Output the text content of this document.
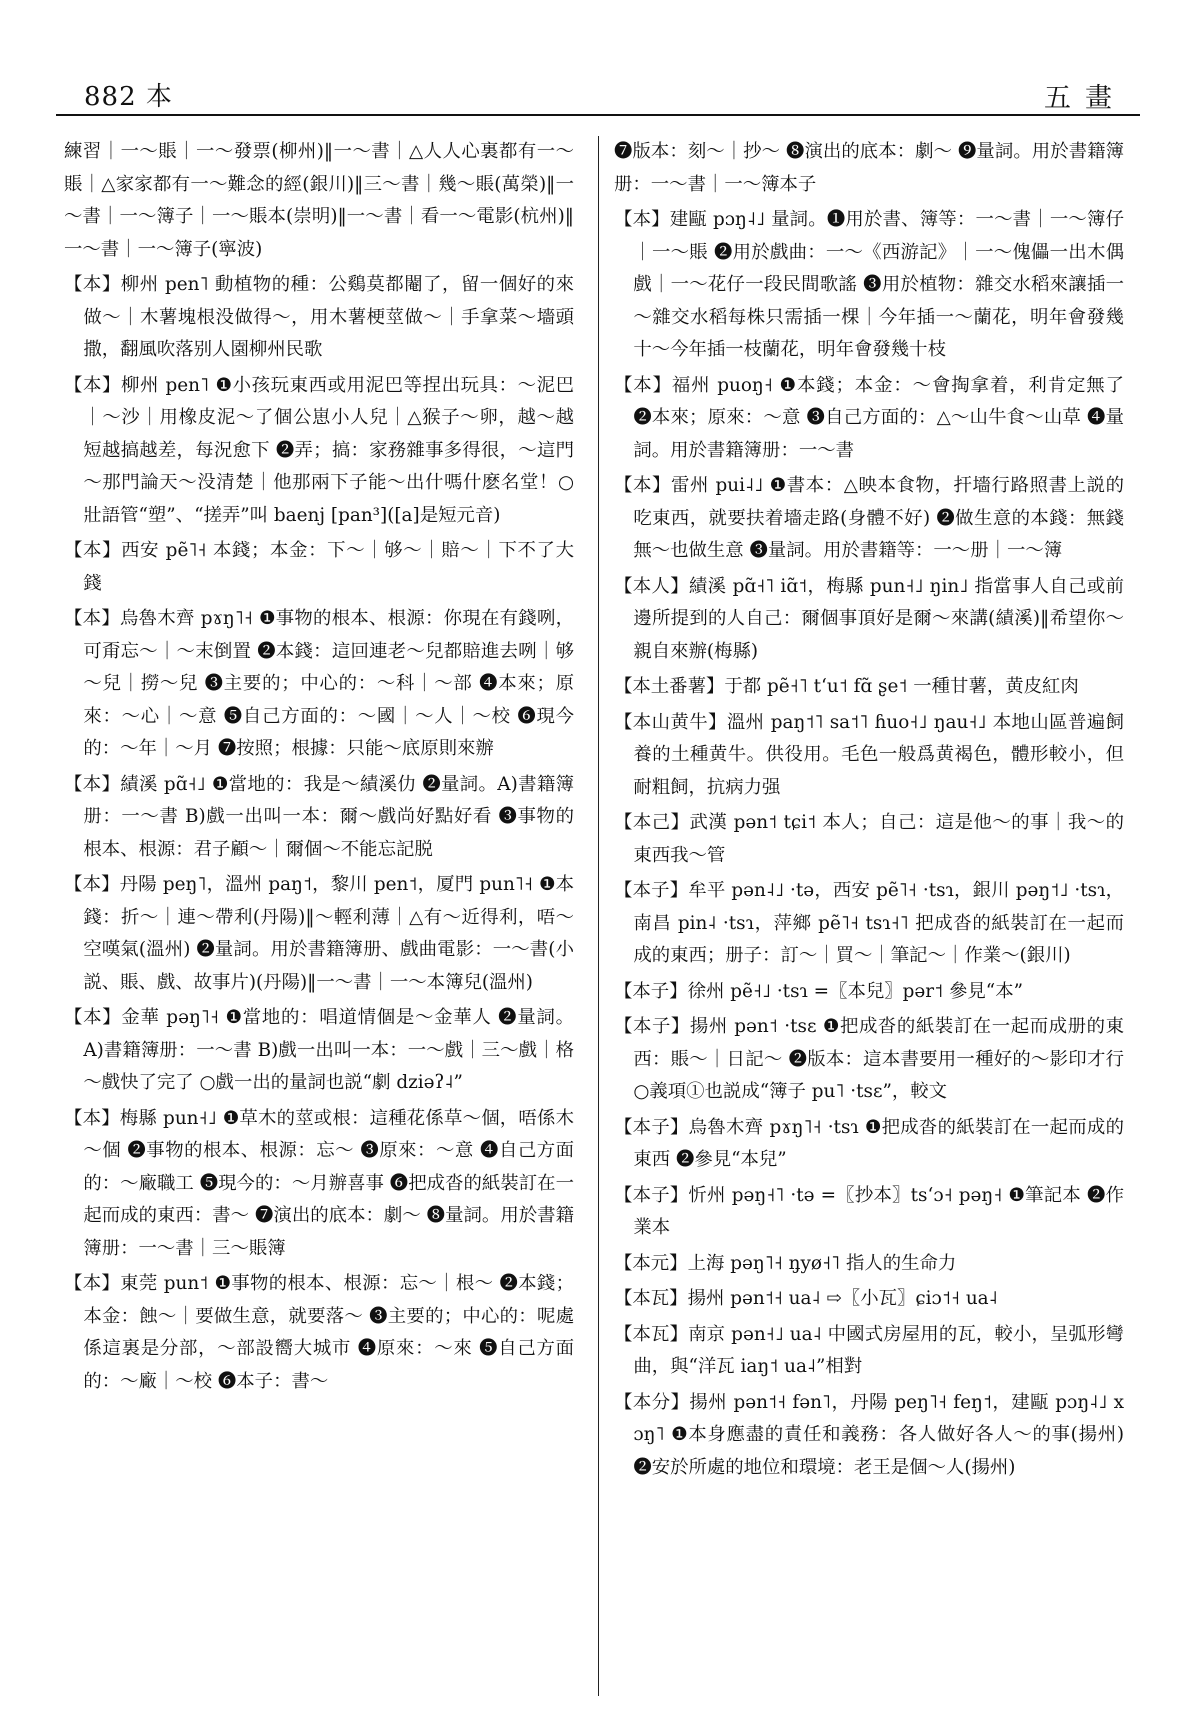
882 本	五畫

練習｜一～賬｜一～發票(柳州)‖一～書｜△人人心裏都有一～賬｜△家家都有一～難念的經(銀川)‖三～書｜幾～賬(萬榮)‖一～書｜一～簿子｜一～賬本(崇明)‖一～書｜看一～電影(杭州)‖一～書｜一～簿子(寧波)

【本】柳州 pen˥ 動植物的種：公鷄莫都閹了，留一個好的來做～｜木薯塊根没做得～，用木薯梗莖做～｜手拿菜～墻頭撒，翻風吹落别人園柳州民歌

【本】柳州 pen˥ ❶小孩玩東西或用泥巴等捏出玩具：～泥巴｜～沙｜用橡皮泥～了個公崽小人兒｜△猴子～卵，越～越短越搞越差，每況愈下 ❷弄；搞：家務雜事多得很，～這門～那門論天～没清楚｜他那兩下子能～出什嗎什麽名堂！○壯語管“塑”、“搓弄”叫 baenj [pan³]([a]是短元音)

【本】西安 pẽ˥˧ 本錢；本金：下～｜够～｜賠～｜下不了大錢

【本】烏魯木齊 pɤŋ˥˧ ❶事物的根本、根源：你現在有錢咧，可甭忘～｜～末倒置 ❷本錢：這回連老～兒都賠進去咧｜够～兒｜撈～兒 ❸主要的；中心的：～科｜～部 ❹本來；原來：～心｜～意 ❺自己方面的：～國｜～人｜～校 ❻現今的：～年｜～月 ❼按照；根據：只能～底原則來辦

【本】績溪 pɑ̃˧˩ ❶當地的：我是～績溪仂 ❷量詞。A)書籍簿册：一～書 B)戲一出叫一本：爾～戲尚好點好看 ❸事物的根本、根源：君子顧～｜爾個～不能忘記脱

【本】丹陽 peŋ˥，溫州 paŋ˦，黎川 pen˦，厦門 pun˥˧ ❶本錢：折～｜連～帶利(丹陽)‖～輕利薄｜△有～近得利，唔～空嘆氣(溫州) ❷量詞。用於書籍簿册、戲曲電影：一～書(小説、賬、戲、故事片)(丹陽)‖一～書｜一～本簿兒(溫州)

【本】金華 pəŋ˥˧ ❶當地的：唱道情個是～金華人 ❷量詞。A)書籍簿册：一～書 B)戲一出叫一本：一～戲｜三～戲｜格～戲快了完了 ○戲一出的量詞也説“劇 dziəʔ˨”

【本】梅縣 pun˧˩ ❶草木的莖或根：這種花係草～個，唔係木～個 ❷事物的根本、根源：忘～ ❸原來：～意 ❹自己方面的：～廠職工 ❺現今的：～月辦喜事 ❻把成沓的紙裝訂在一起而成的東西：書～ ❼演出的底本：劇～ ❽量詞。用於書籍簿册：一～書｜三～賬簿

【本】東莞 pun˦ ❶事物的根本、根源：忘～｜根～ ❷本錢；本金：蝕～｜要做生意，就要落～ ❸主要的；中心的：呢處係這裏是分部，～部設嚮大城市 ❹原來：～來 ❺自己方面的：～廠｜～校 ❻本子：書～

❼版本：刻～｜抄～ ❽演出的底本：劇～ ❾量詞。用於書籍簿册：一～書｜一～簿本子

【本】建甌 pɔŋ˨˩ 量詞。❶用於書、簿等：一～書｜一～簿仔｜一～賬 ❷用於戲曲：一～《西游記》｜一～傀儡一出木偶戲｜一～花仔一段民間歌謠 ❸用於植物：雜交水稻來讓插一～雜交水稻每株只需插一棵｜今年插一～蘭花，明年會發幾十～今年插一枝蘭花，明年會發幾十枝

【本】福州 puoŋ˧ ❶本錢；本金：～會掏拿着，利肯定無了 ❷本來；原來：～意 ❸自己方面的：△～山牛食～山草 ❹量詞。用於書籍簿册：一～書

【本】雷州 pui˨˩ ❶書本：△映本食物，扞墻行路照書上説的吃東西，就要扶着墻走路(身體不好) ❷做生意的本錢：無錢無～也做生意 ❸量詞。用於書籍等：一～册｜一～簿

【本人】績溪 pɑ̃˧˥ iɑ̃˦，梅縣 pun˧˩ ŋin˩ 指當事人自己或前邊所提到的人自己：爾個事頂好是爾～來講(績溪)‖希望你～親自來辦(梅縣)

【本土番薯】于都 pẽ˧˥ tʻu˦ fɑ̃ ʂe˦ 一種甘薯，黄皮紅肉

【本山黄牛】溫州 paŋ˦˥ sa˦˥ ɦuo˧˩ ŋau˧˩ 本地山區普遍飼養的土種黄牛。供役用。毛色一般爲黄褐色，體形較小，但耐粗飼，抗病力强

【本己】武漢 pən˦ tɕi˦ 本人；自己：這是他～的事｜我～的東西我～管

【本子】牟平 pən˨˩ ·tə，西安 pẽ˥˧ ·tsɿ，銀川 pəŋ˦˩ ·tsɿ，南昌 pin˨ ·tsɿ，萍鄉 pẽ˥˧ tsɿ˧˥ 把成沓的紙裝訂在一起而成的東西；册子：訂～｜買～｜筆記～｜作業～(銀川)

【本子】徐州 pẽ˧˩ ·tsɿ =〖本兒〗pər˦ 參見“本”

【本子】揚州 pən˦ ·tsɛ ❶把成沓的紙裝訂在一起而成册的東西：賬～｜日記～ ❷版本：這本書要用一種好的～影印才行 ○義項①也説成“簿子 pu˥ ·tsɛ”，較文

【本子】烏魯木齊 pɤŋ˥˧ ·tsɿ ❶把成沓的紙裝訂在一起而成的東西 ❷參見“本兒”

【本子】忻州 pəŋ˧˥ ·tə =〖抄本〗tsʻɔ˧ pəŋ˧ ❶筆記本 ❷作業本

【本元】上海 pəŋ˥˧ n̡yø˧˥ 指人的生命力

【本瓦】揚州 pən˦˧ ua˨ ⇨〖小瓦〗ɕiɔ˦˧ ua˨

【本瓦】南京 pən˧˩ ua˨ 中國式房屋用的瓦，較小，呈弧形彎曲，與“洋瓦 iaŋ˦ ua˨”相對

【本分】揚州 pən˦˧ fən˥，丹陽 peŋ˥˧ feŋ˦，建甌 pɔŋ˨˩ xɔŋ˥ ❶本身應盡的責任和義務：各人做好各人～的事(揚州) ❷安於所處的地位和環境：老王是個～人(揚州)
